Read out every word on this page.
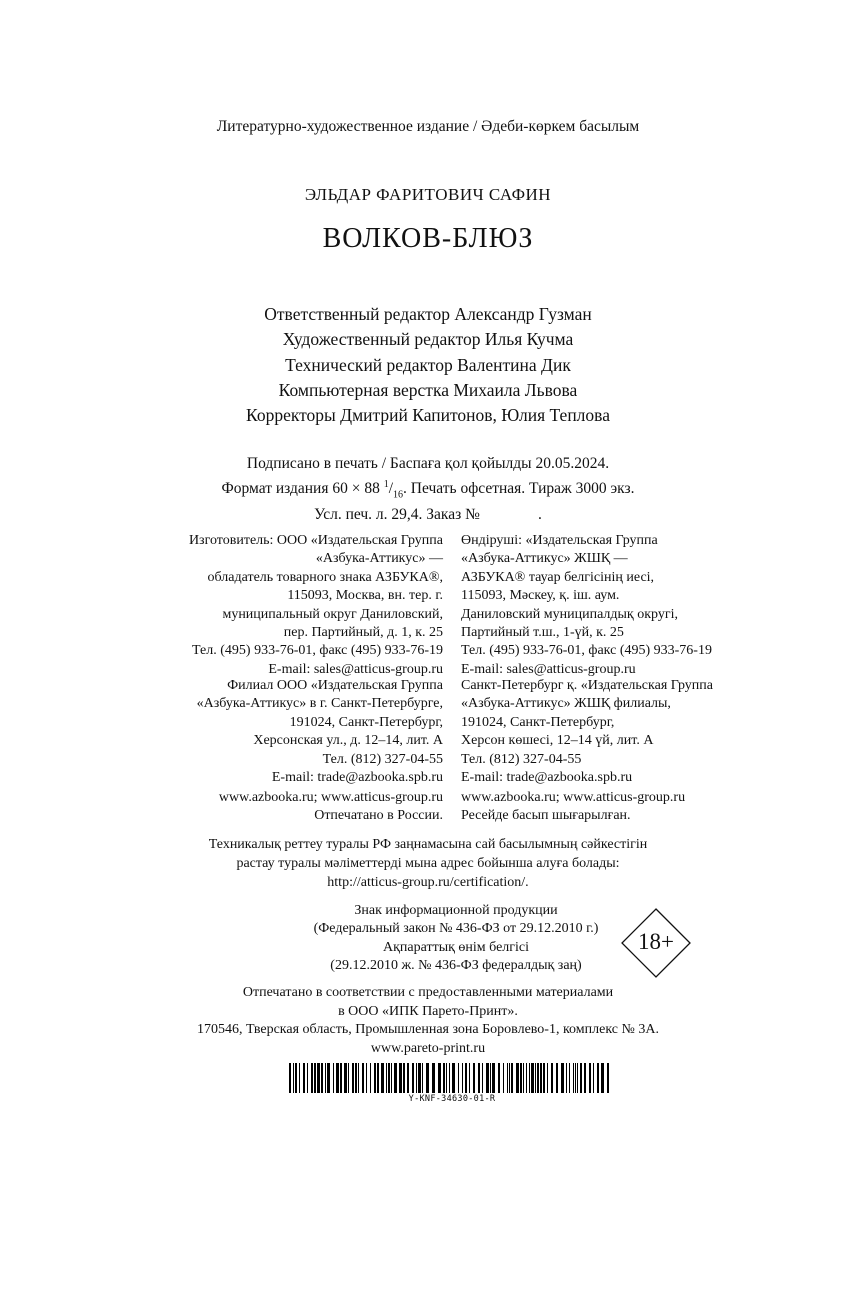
Литературно-художественное издание / Әдеби-көркем басылым
ЭЛЬДАР ФАРИТОВИЧ САФИН
ВОЛКОВ-БЛЮЗ
Ответственный редактор Александр Гузман
Художественный редактор Илья Кучма
Технический редактор Валентина Дик
Компьютерная верстка Михаила Львова
Корректоры Дмитрий Капитонов, Юлия Теплова
Подписано в печать / Баспаға қол қойылды 20.05.2024.
Формат издания 60 × 88 $^1/_{16}$. Печать офсетная. Тираж 3000 экз.
Усл. печ. л. 29,4. Заказ №               .
Изготовитель: ООО «Издательская Группа
«Азбука-Аттикус» —
обладатель товарного знака АЗБУКА®,
115093, Москва, вн. тер. г.
муниципальный округ Даниловский,
пер. Партийный, д. 1, к. 25
Тел. (495) 933-76-01, факс (495) 933-76-19
E-mail: sales@atticus-group.ru
Өндіруші: «Издательская Группа
«Азбука-Аттикус» ЖШҚ —
АЗБУКА® тауар белгісінің иесі,
115093, Мәскеу, қ. іш. аум.
Даниловский муниципалдық округі,
Партийный т.ш., 1-үй, к. 25
Тел. (495) 933-76-01, факс (495) 933-76-19
E-mail: sales@atticus-group.ru
Филиал ООО «Издательская Группа
«Азбука-Аттикус» в г. Санкт-Петербурге,
191024, Санкт-Петербург,
Херсонская ул., д. 12–14, лит. А
Тел. (812) 327-04-55
E-mail: trade@azbooka.spb.ru
Санкт-Петербург қ. «Издательская Группа
«Азбука-Аттикус» ЖШҚ филиалы,
191024, Санкт-Петербург,
Херсон көшесі, 12–14 үй, лит. А
Тел. (812) 327-04-55
E-mail: trade@azbooka.spb.ru
www.azbooka.ru; www.atticus-group.ru
Отпечатано в России.
www.azbooka.ru; www.atticus-group.ru
Ресейде басып шығарылған.
Техникалық реттеу туралы РФ заңнамасына сай басылымның сәйкестігін
растау туралы мәліметтерді мына адрес бойынша алуға болады:
http://atticus-group.ru/certification/.
Знак информационной продукции
(Федеральный закон № 436-ФЗ от 29.12.2010 г.)
Ақпараттық өнім белгісі
(29.12.2010 ж. № 436-ФЗ федералдық заң)
18+
Отпечатано в соответствии с предоставленными материалами
в ООО «ИПК Парето-Принт».
170546, Тверская область, Промышленная зона Боровлево-1, комплекс № 3А.
www.pareto-print.ru
Y-KNF-34630-01-R
